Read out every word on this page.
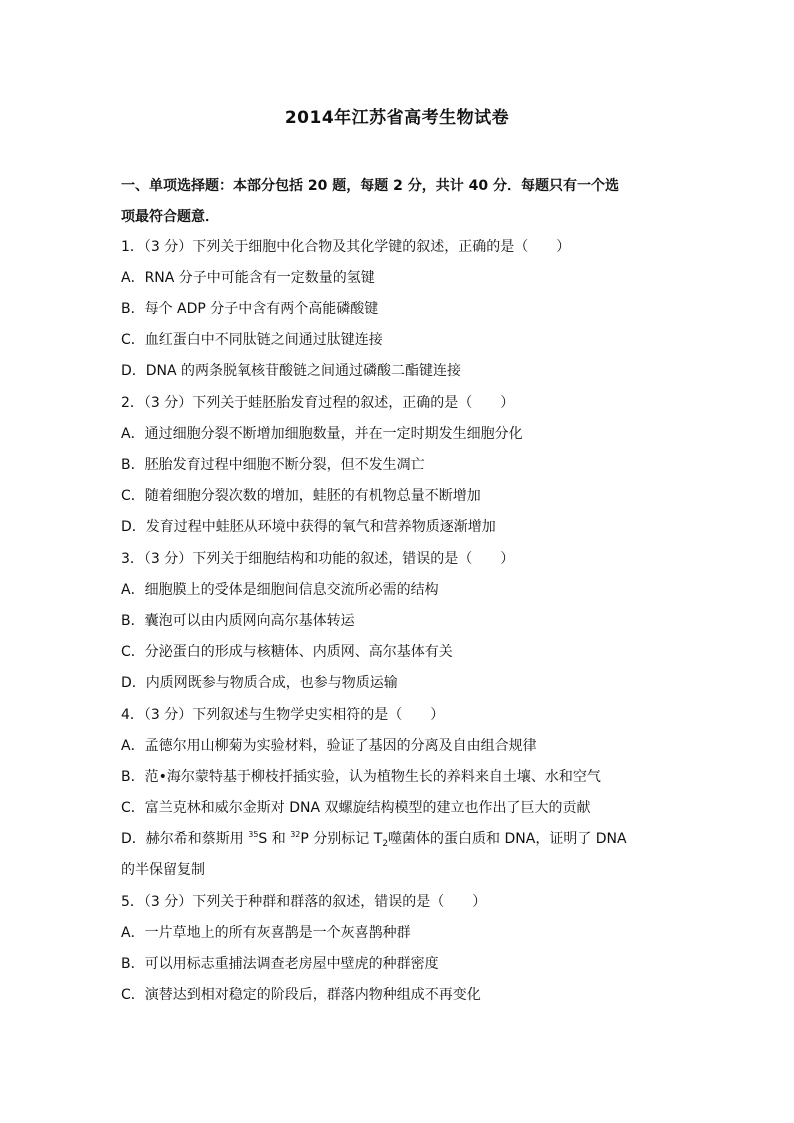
2014年江苏省高考生物试卷
一、单项选择题：本部分包括 20 题，每题 2 分，共计 40 分．每题只有一个选
项最符合题意．
1．（3 分）下列关于细胞中化合物及其化学键的叙述，正确的是（　　）
A．RNA 分子中可能含有一定数量的氢键
B．每个 ADP 分子中含有两个高能磷酸键
C．血红蛋白中不同肽链之间通过肽键连接
D．DNA 的两条脱氧核苷酸链之间通过磷酸二酯键连接
2．（3 分）下列关于蛙胚胎发育过程的叙述，正确的是（　　）
A．通过细胞分裂不断增加细胞数量，并在一定时期发生细胞分化
B．胚胎发育过程中细胞不断分裂，但不发生凋亡
C．随着细胞分裂次数的增加，蛙胚的有机物总量不断增加
D．发育过程中蛙胚从环境中获得的氧气和营养物质逐渐增加
3．（3 分）下列关于细胞结构和功能的叙述，错误的是（　　）
A．细胞膜上的受体是细胞间信息交流所必需的结构
B．囊泡可以由内质网向高尔基体转运
C．分泌蛋白的形成与核糖体、内质网、高尔基体有关
D．内质网既参与物质合成，也参与物质运输
4．（3 分）下列叙述与生物学史实相符的是（　　）
A．孟德尔用山柳菊为实验材料，验证了基因的分离及自由组合规律
B．范•海尔蒙特基于柳枝扦插实验，认为植物生长的养料来自土壤、水和空气
C．富兰克林和威尔金斯对 DNA 双螺旋结构模型的建立也作出了巨大的贡献
D．赫尔希和蔡斯用 $^{35}$S 和 $^{32}$P 分别标记 $T_2$噬菌体的蛋白质和 DNA，证明了 DNA
的半保留复制
5．（3 分）下列关于种群和群落的叙述，错误的是（　　）
A．一片草地上的所有灰喜鹊是一个灰喜鹊种群
B．可以用标志重捕法调查老房屋中壁虎的种群密度
C．演替达到相对稳定的阶段后，群落内物种组成不再变化
